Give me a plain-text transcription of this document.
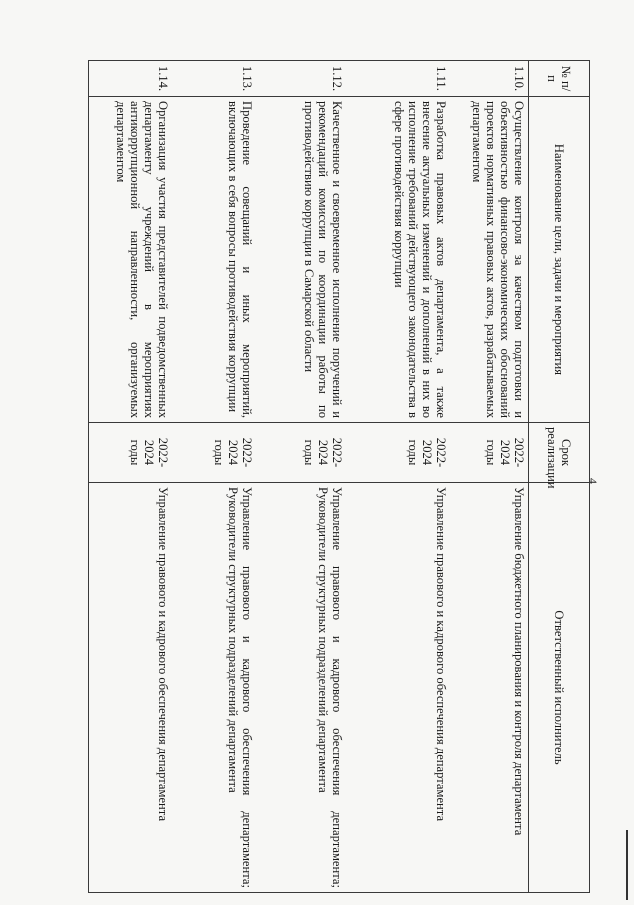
4
№ п/п	Наименование цели, задачи и мероприятия	Срок реализации	Ответственный исполнитель
1.10.	Осуществление контроля за качеством подготовки и объективностью финансово-экономических обоснований проектов нормативных правовых актов, разрабатываемых департаментом	2022-2024 годы	Управление бюджетного планирования и контроля департамента
1.11.	Разработка правовых актов департамента, а также внесение актуальных изменений и дополнений в них во исполнение требований действующего законодательства в сфере противодействия коррупции	2022-2024 годы	Управление правового и кадрового обеспечения департамента
1.12.	Качественное и своевременное исполнение поручений и рекомендаций комиссии по координации работы по противодействию коррупции в Самарской области	2022-2024 годы	Управление правового и кадрового обеспечения департамента; Руководители структурных подразделений департамента
1.13.	Проведение совещаний и иных мероприятий, включающих в себя вопросы противодействия коррупции	2022-2024 годы	Управление правового и кадрового обеспечения департамента; Руководители структурных подразделений департамента
1.14.	Организация участия представителей подведомственных департаменту учреждений в мероприятиях антикоррупционной направленности, организуемых департаментом	2022-2024 годы	Управление правового и кадрового обеспечения департамента
